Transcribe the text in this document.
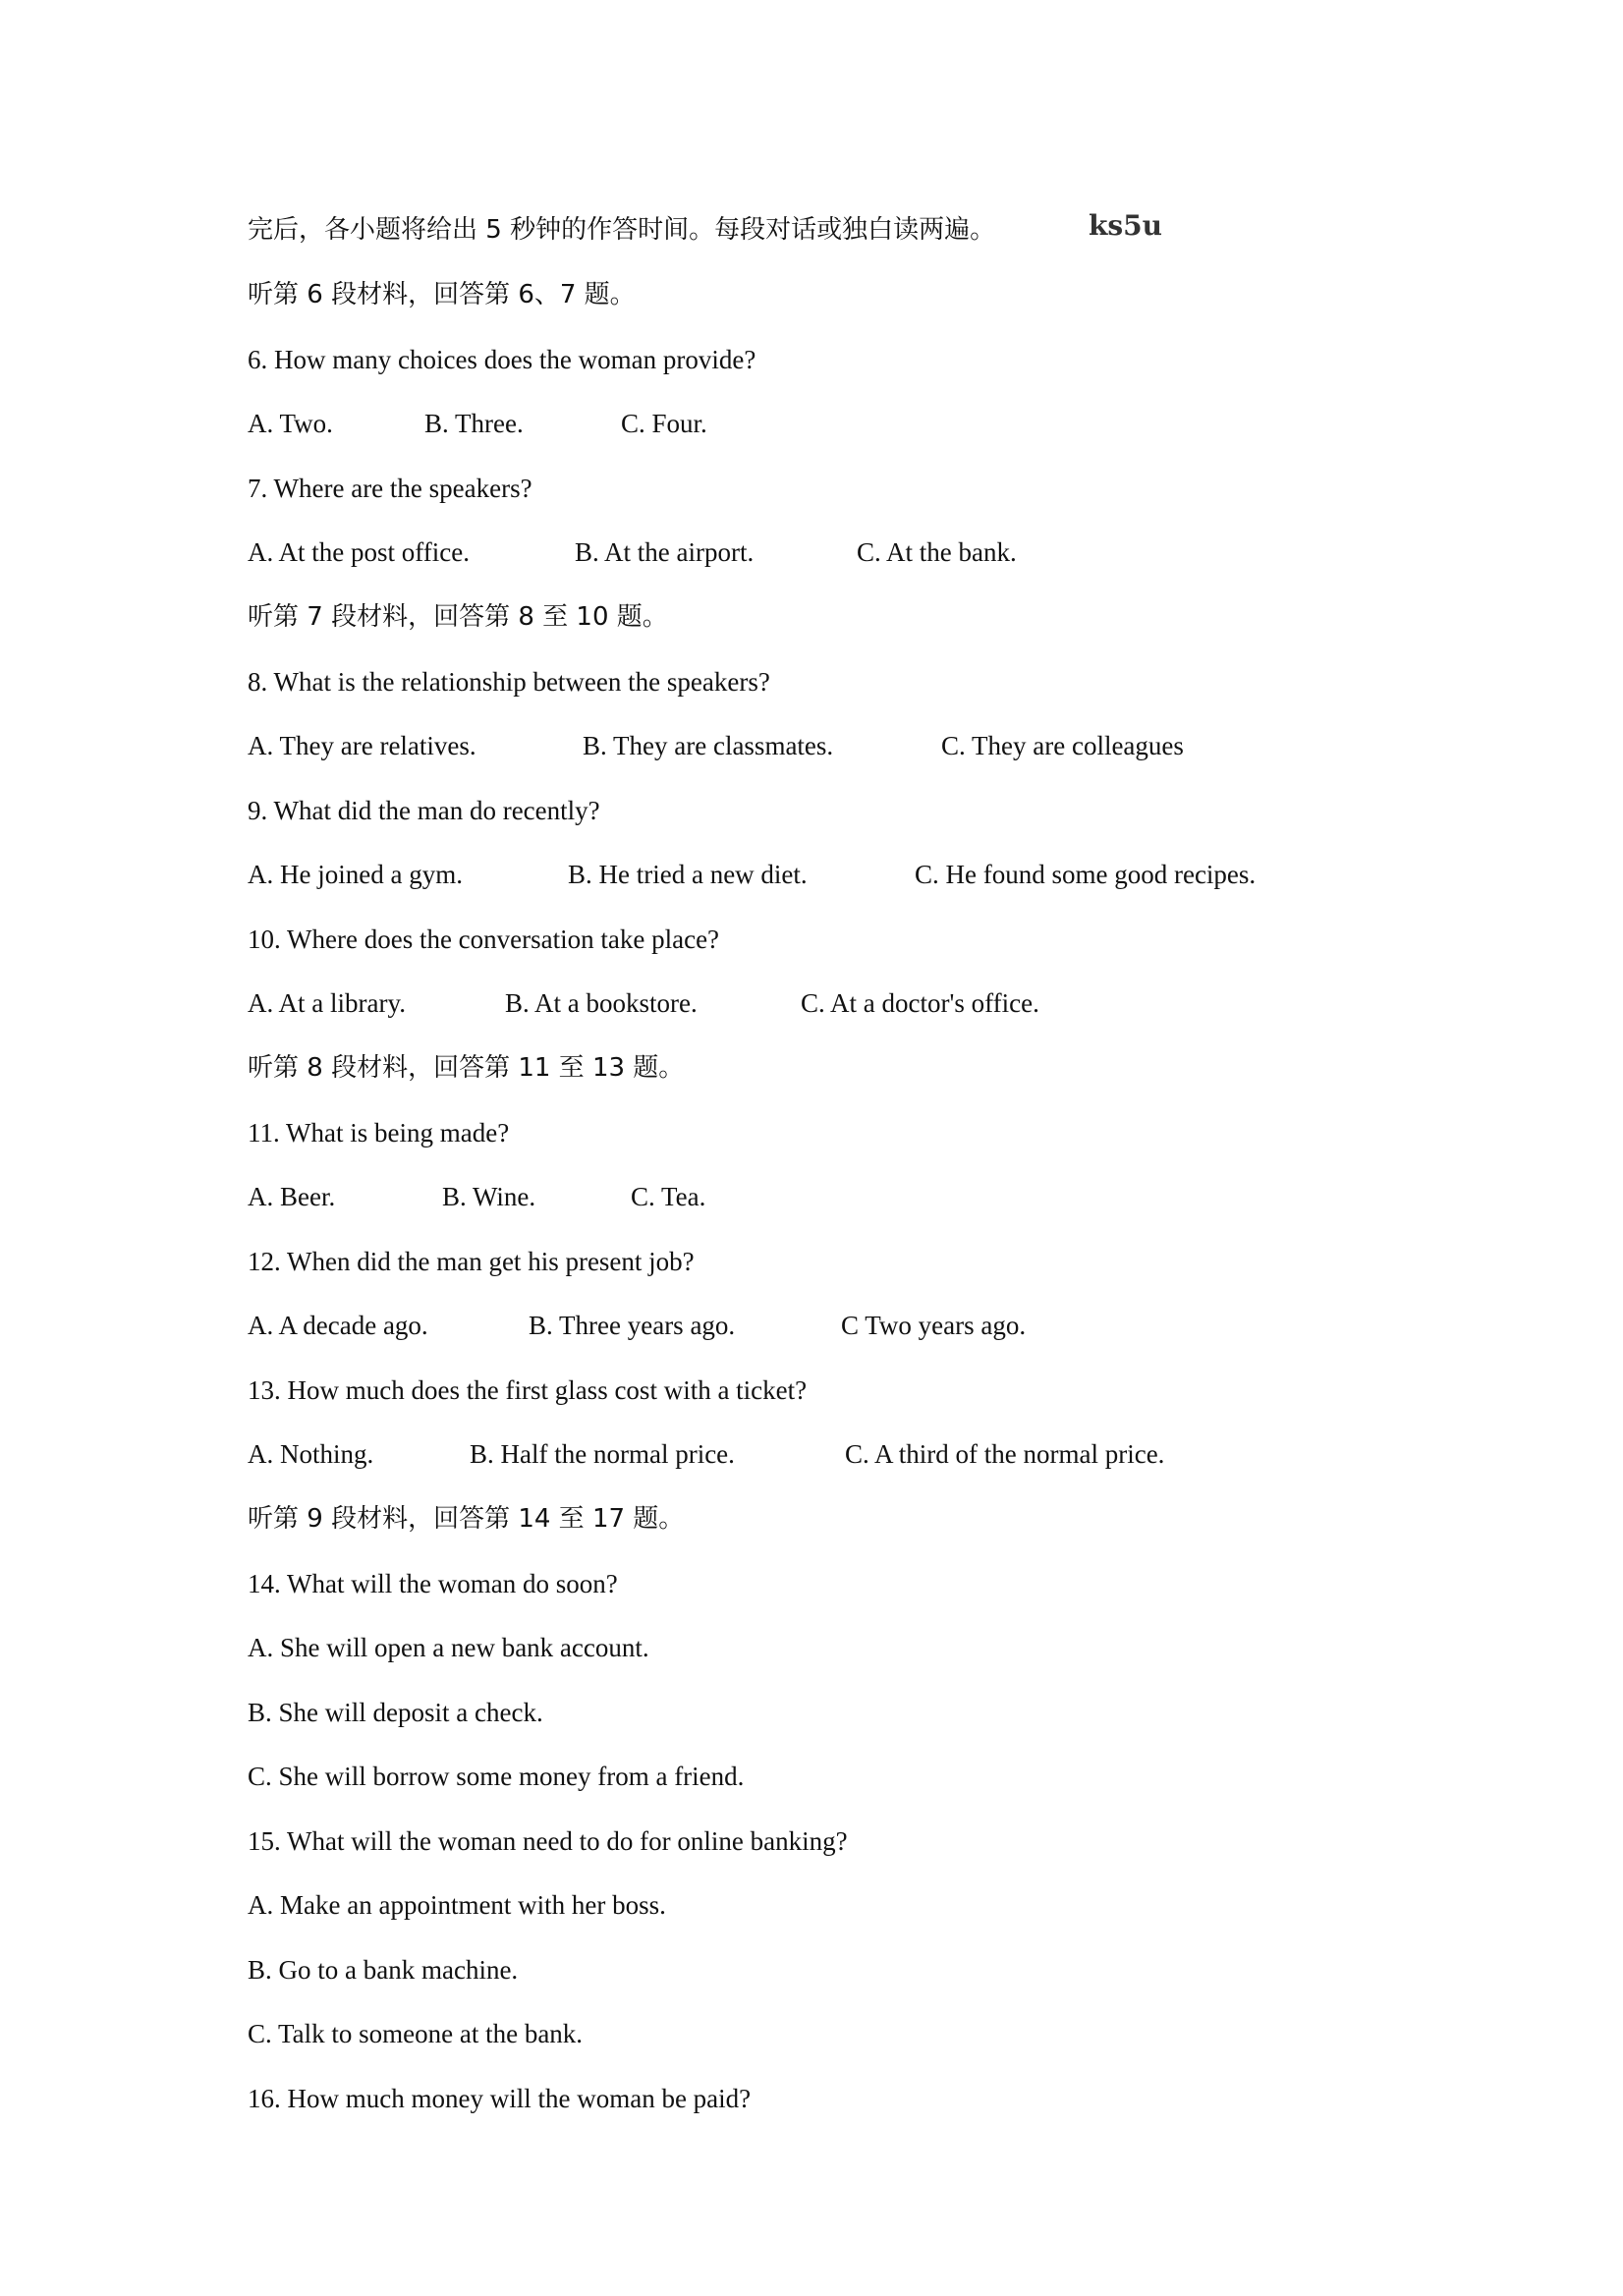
完后，各小题将给出 5 秒钟的作答时间。每段对话或独白读两遍。	ks5u
听第 6 段材料，回答第 6、7 题。
6. How many choices does the woman provide?
A. Two.	B. Three.	C. Four.
7. Where are the speakers?
A. At the post office.	B. At the airport.	C. At the bank.
听第 7 段材料，回答第 8 至 10 题。
8. What is the relationship between the speakers?
A. They are relatives.	B. They are classmates.	C. They are colleagues
9. What did the man do recently?
A. He joined a gym.	B. He tried a new diet.	C. He found some good recipes.
10. Where does the conversation take place?
A. At a library.	B. At a bookstore.	C. At a doctor's office.
听第 8 段材料，回答第 11 至 13 题。
11. What is being made?
A. Beer.	B. Wine.	C. Tea.
12. When did the man get his present job?
A. A decade ago.	B. Three years ago.	C Two years ago.
13. How much does the first glass cost with a ticket?
A. Nothing.	B. Half the normal price.	C. A third of the normal price.
听第 9 段材料，回答第 14 至 17 题。
14. What will the woman do soon?
A. She will open a new bank account.
B. She will deposit a check.
C. She will borrow some money from a friend.
15. What will the woman need to do for online banking?
A. Make an appointment with her boss.
B. Go to a bank machine.
C. Talk to someone at the bank.
16. How much money will the woman be paid?
